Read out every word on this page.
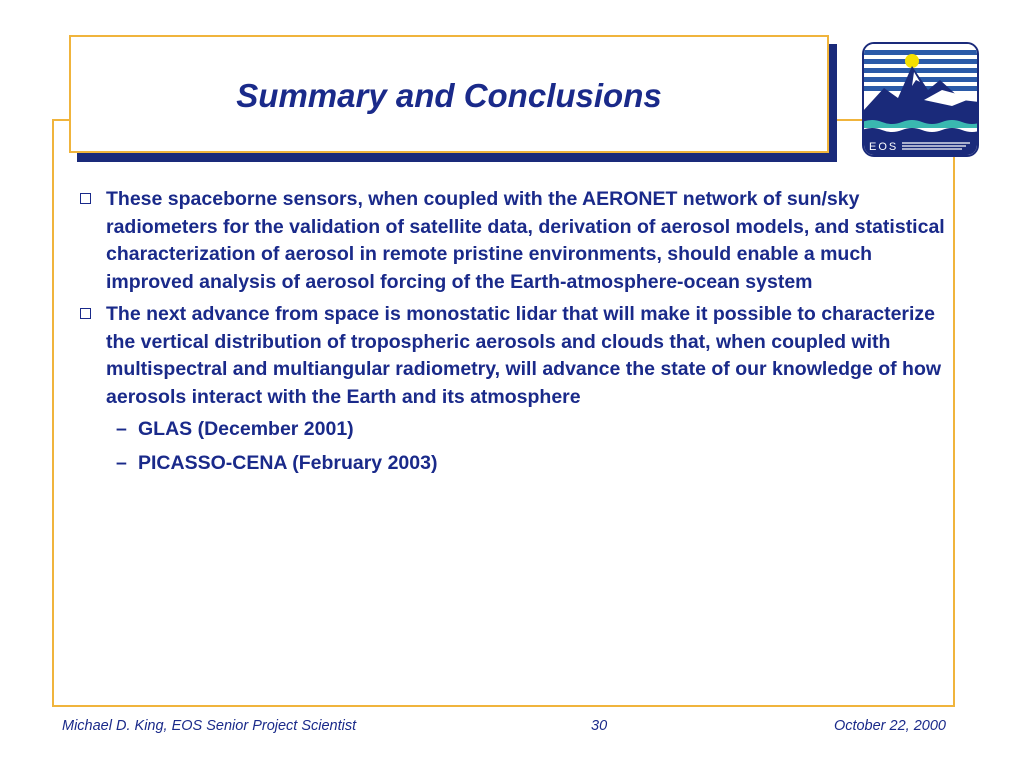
Summary and Conclusions
EOS
These spaceborne sensors, when coupled with the AERONET network of sun/sky radiometers for the validation of satellite data, derivation of aerosol models, and statistical characterization of aerosol in remote pristine environments, should enable a much improved analysis of aerosol forcing of the Earth-atmosphere-ocean system
The next advance from space is monostatic lidar that will make it possible to characterize the vertical distribution of tropospheric aerosols and clouds that, when coupled with multispectral and multiangular radiometry, will advance the state of our knowledge of how aerosols interact with the Earth and its atmosphere
– GLAS (December 2001)
– PICASSO-CENA (February 2003)
Michael D. King, EOS Senior Project Scientist	30	October 22, 2000
